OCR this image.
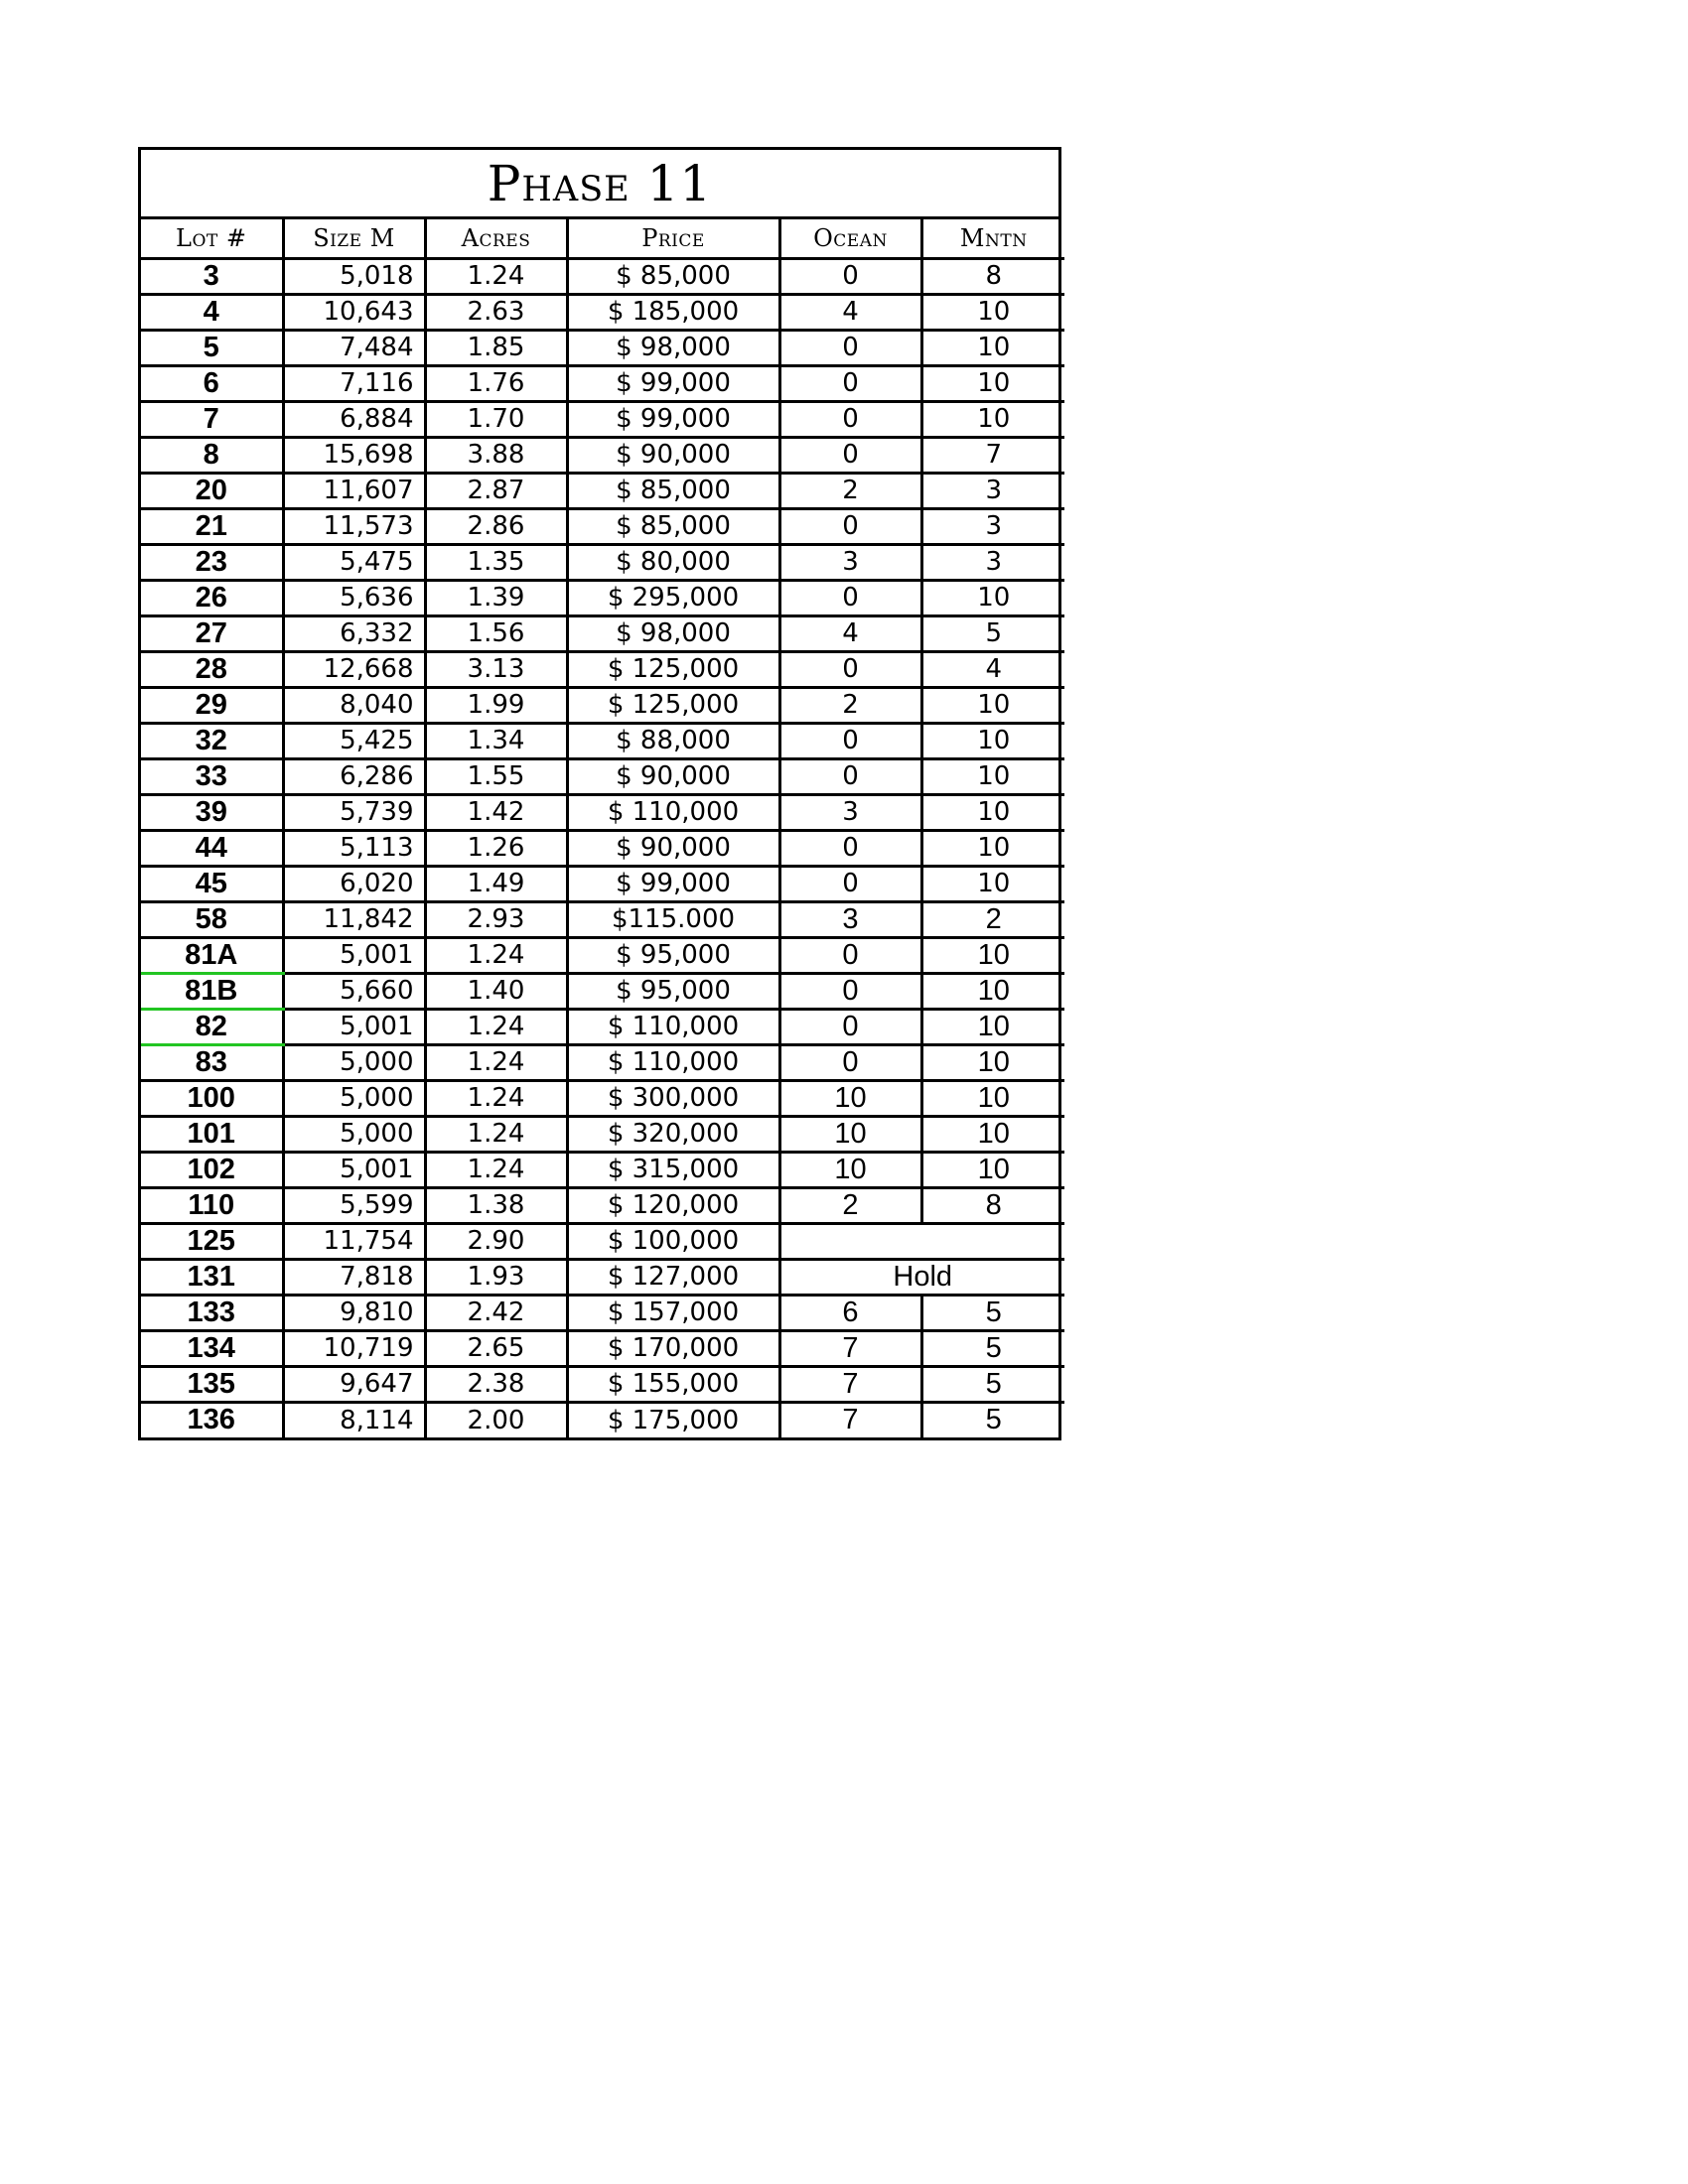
Phase 11
Lot #	Size M	Acres	Price	Ocean	Mntn
3	5,018	1.24	$ 85,000	0	8
4	10,643	2.63	$ 185,000	4	10
5	7,484	1.85	$ 98,000	0	10
6	7,116	1.76	$ 99,000	0	10
7	6,884	1.70	$ 99,000	0	10
8	15,698	3.88	$ 90,000	0	7
20	11,607	2.87	$ 85,000	2	3
21	11,573	2.86	$ 85,000	0	3
23	5,475	1.35	$ 80,000	3	3
26	5,636	1.39	$ 295,000	0	10
27	6,332	1.56	$ 98,000	4	5
28	12,668	3.13	$ 125,000	0	4
29	8,040	1.99	$ 125,000	2	10
32	5,425	1.34	$ 88,000	0	10
33	6,286	1.55	$ 90,000	0	10
39	5,739	1.42	$ 110,000	3	10
44	5,113	1.26	$ 90,000	0	10
45	6,020	1.49	$ 99,000	0	10
58	11,842	2.93	$115.000	3	2
81A	5,001	1.24	$ 95,000	0	10
81B	5,660	1.40	$ 95,000	0	10
82	5,001	1.24	$ 110,000	0	10
83	5,000	1.24	$ 110,000	0	10
100	5,000	1.24	$ 300,000	10	10
101	5,000	1.24	$ 320,000	10	10
102	5,001	1.24	$ 315,000	10	10
110	5,599	1.38	$ 120,000	2	8
125	11,754	2.90	$ 100,000		
131	7,818	1.93	$ 127,000	Hold	
133	9,810	2.42	$ 157,000	6	5
134	10,719	2.65	$ 170,000	7	5
135	9,647	2.38	$ 155,000	7	5
136	8,114	2.00	$ 175,000	7	5
